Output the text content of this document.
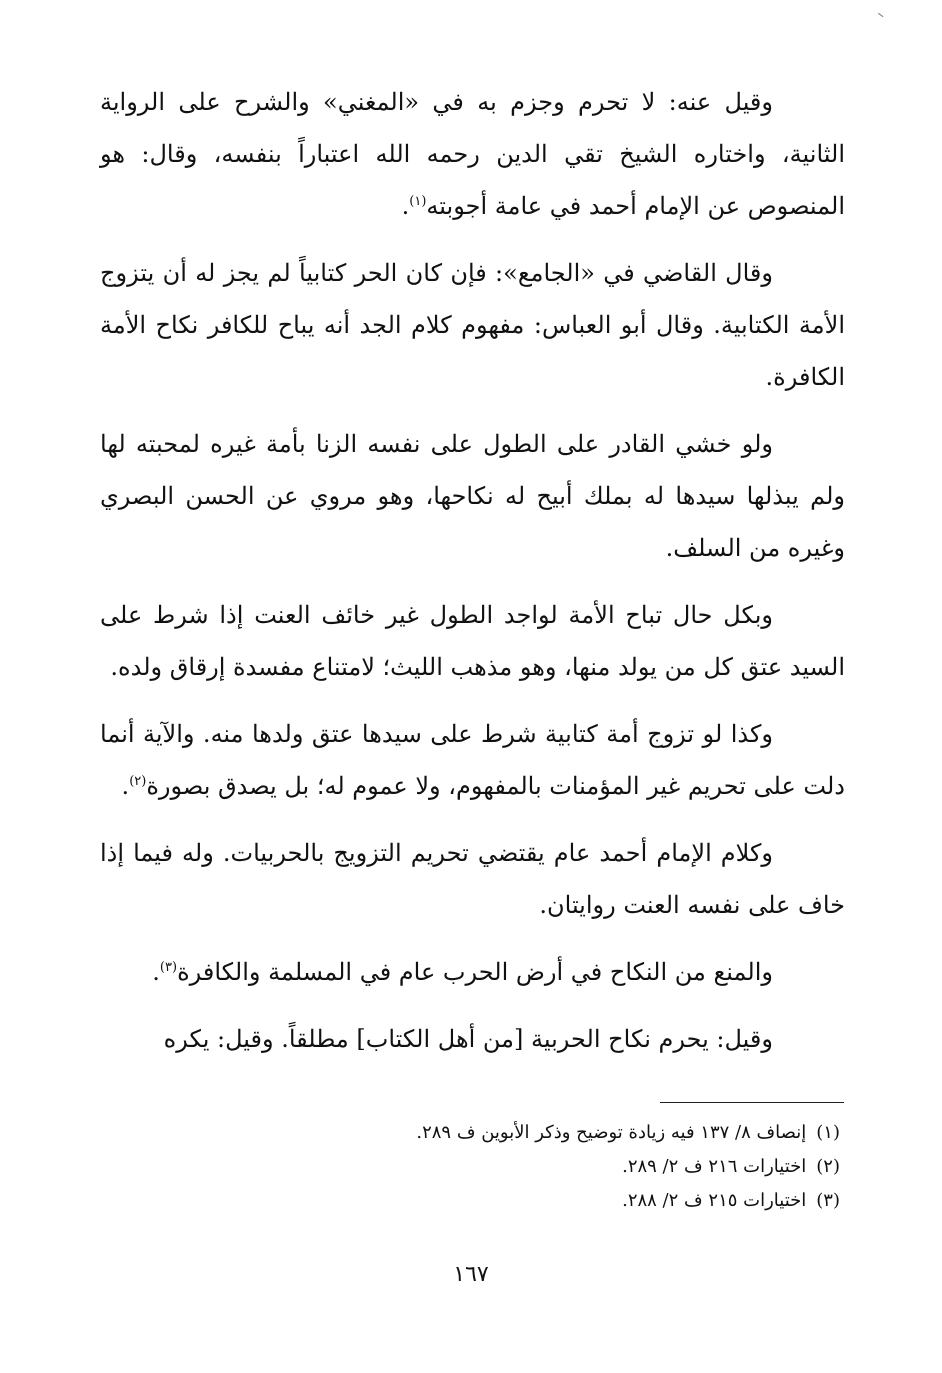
وقيل عنه: لا تحرم وجزم به في «المغني» والشرح على الرواية الثانية، واختاره الشيخ تقي الدين رحمه الله اعتباراً بنفسه، وقال: هو المنصوص عن الإمام أحمد في عامة أجوبته$^{(١)}$.

وقال القاضي في «الجامع»: فإن كان الحر كتابياً لم يجز له أن يتزوج الأمة الكتابية. وقال أبو العباس: مفهوم كلام الجد أنه يباح للكافر نكاح الأمة الكافرة.

ولو خشي القادر على الطول على نفسه الزنا بأمة غيره لمحبته لها ولم يبذلها سيدها له بملك أبيح له نكاحها، وهو مروي عن الحسن البصري وغيره من السلف.

وبكل حال تباح الأمة لواجد الطول غير خائف العنت إذا شرط على السيد عتق كل من يولد منها، وهو مذهب الليث؛ لامتناع مفسدة إرقاق ولده.

وكذا لو تزوج أمة كتابية شرط على سيدها عتق ولدها منه. والآية أنما دلت على تحريم غير المؤمنات بالمفهوم، ولا عموم له؛ بل يصدق بصورة$^{(٢)}$.

وكلام الإمام أحمد عام يقتضي تحريم التزويج بالحربيات. وله فيما إذا خاف على نفسه العنت روايتان.

والمنع من النكاح في أرض الحرب عام في المسلمة والكافرة$^{(٣)}$.

وقيل: يحرم نكاح الحربية [من أهل الكتاب] مطلقاً. وقيل: يكره

(١)إنصاف ٨/ ١٣٧ فيه زيادة توضيح وذكر الأبوين ف ٢٨٩.
(٢)اختيارات ٢١٦ ف ٢/ ٢٨٩.
(٣)اختيارات ٢١٥ ف ٢/ ٢٨٨.
١٦٧
